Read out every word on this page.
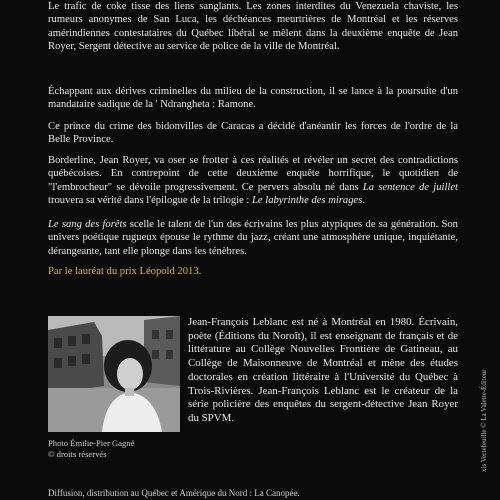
Le trafic de coke tisse des liens sanglants. Les zones interdites du Venezuela chaviste, les rumeurs anonymes de San Luca, les déchéances meurtrières de Montréal et les réserves amérindiennes contestataires du Québec libéral se mêlent dans la deuxième enquête de Jean Royer, Sergent détective au service de police de la ville de Montréal.

Échappant aux dérives criminelles du milieu de la construction, il se lance à la poursuite d'un mandataire sadique de la ' Ndrangheta : Ramone.

Ce prince du crime des bidonvilles de Caracas a décidé d'anéantir les forces de l'ordre de la Belle Province.

Borderline, Jean Royer, va oser se frotter à ces réalités et révéler un secret des contradictions québécoises. En contrepoint de cette deuxième enquête horrifique, le quotidien de "l'embrocheur" se dévoile progressivement. Ce pervers absolu né dans La sentence de juillet trouvera sa vérité dans l'épilogue de la trilogie : Le labyrinthe des mirages.

Le sang des forêts scelle le talent de l'un des écrivains les plus atypiques de sa génération. Son univers poétique rugueux épouse le rythme du jazz, créant une atmosphère unique, inquiétante, dérangeante, tant elle plonge dans les ténèbres.

Par le lauréat du prix Léopold 2013.
Photo Émilie-Pier Gagné
© droits réservés

Jean-François Leblanc est né à Montréal en 1980. Écrivain, poète (Éditions du Noroît), il est enseignant de français et de littérature au Collège Nouvelles Frontière de Gatineau, au Collège de Maisonneuve de Montréal et mène des études doctorales en création littéraire à l'Université du Québec à Trois-Rivières. Jean-François Leblanc est le créateur de la série policière des enquêtes du sergent-détective Jean Royer du SPVM.	xis Vertefeuille © La Valette-Éditeur
Diffusion, distribution au Québec et Amérique du Nord : La Canopée.
